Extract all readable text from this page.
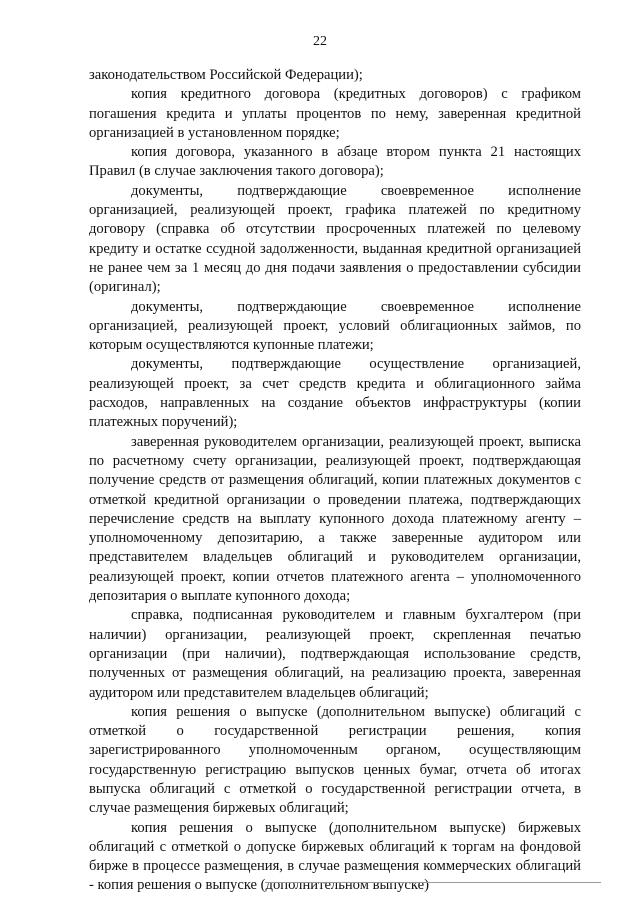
22

законодательством Российской Федерации);

копия кредитного договора (кредитных договоров) с графиком погашения кредита и уплаты процентов по нему, заверенная кредитной организацией в установленном порядке;

копия договора, указанного в абзаце втором пункта 21 настоящих Правил (в случае заключения такого договора);

документы, подтверждающие своевременное исполнение организацией, реализующей проект, графика платежей по кредитному договору (справка об отсутствии просроченных платежей по целевому кредиту и остатке ссудной задолженности, выданная кредитной организацией не ранее чем за 1 месяц до дня подачи заявления о предоставлении субсидии (оригинал);

документы, подтверждающие своевременное исполнение организацией, реализующей проект, условий облигационных займов, по которым осуществляются купонные платежи;

документы, подтверждающие осуществление организацией, реализующей проект, за счет средств кредита и облигационного займа расходов, направленных на создание объектов инфраструктуры (копии платежных поручений);

заверенная руководителем организации, реализующей проект, выписка по расчетному счету организации, реализующей проект, подтверждающая получение средств от размещения облигаций, копии платежных документов с отметкой кредитной организации о проведении платежа, подтверждающих перечисление средств на выплату купонного дохода платежному агенту – уполномоченному депозитарию, а также заверенные аудитором или представителем владельцев облигаций и руководителем организации, реализующей проект, копии отчетов платежного агента – уполномоченного депозитария о выплате купонного дохода;

справка, подписанная руководителем и главным бухгалтером (при наличии) организации, реализующей проект, скрепленная печатью организации (при наличии), подтверждающая использование средств, полученных от размещения облигаций, на реализацию проекта, заверенная аудитором или представителем владельцев облигаций;

копия решения о выпуске (дополнительном выпуске) облигаций с отметкой о государственной регистрации решения, копия зарегистрированного уполномоченным органом, осуществляющим государственную регистрацию выпусков ценных бумаг, отчета об итогах выпуска облигаций с отметкой о государственной регистрации отчета, в случае размещения биржевых облигаций;

копия решения о выпуске (дополнительном выпуске) биржевых облигаций с отметкой о допуске биржевых облигаций к торгам на фондовой бирже в процессе размещения, в случае размещения коммерческих облигаций - копия решения о выпуске (дополнительном выпуске)
